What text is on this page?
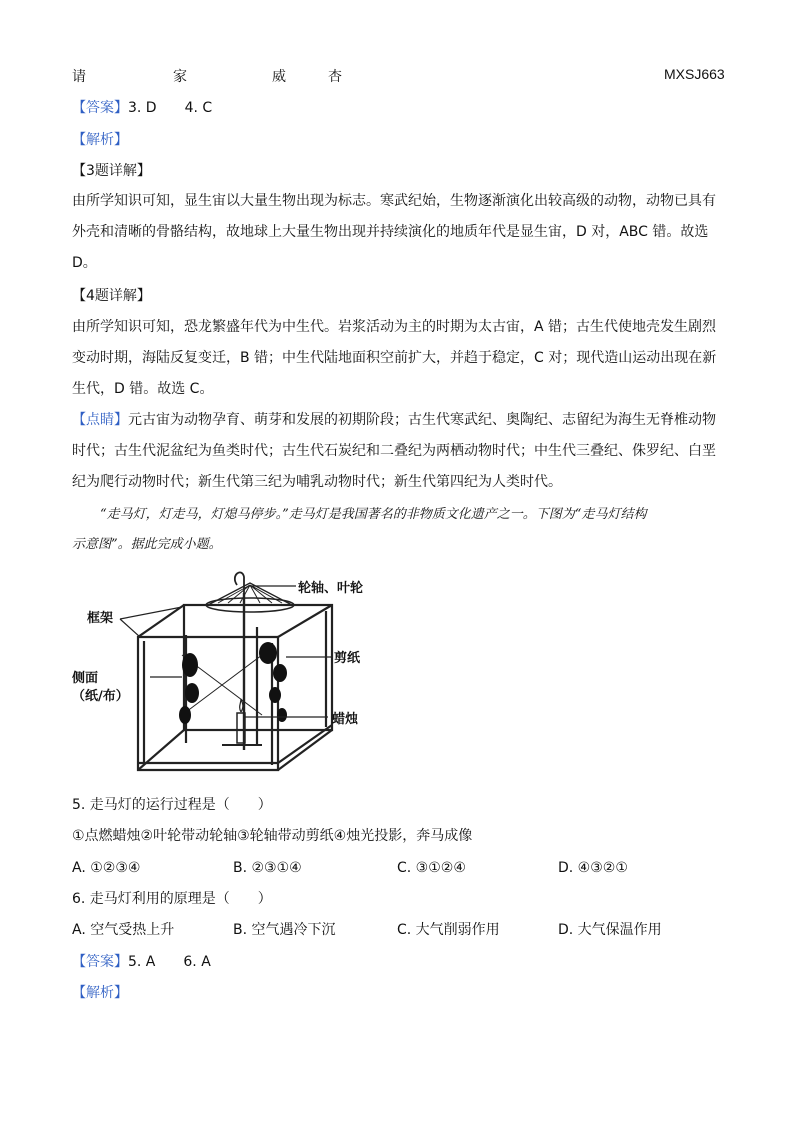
请	家	威	杏	MXSJ663
【答案】3. D　　4. C
【解析】
【3题详解】
由所学知识可知，显生宙以大量生物出现为标志。寒武纪始，生物逐渐演化出较高级的动物，动物已具有
外壳和清晰的骨骼结构，故地球上大量生物出现并持续演化的地质年代是显生宙，D 对，ABC 错。故选
D。
【4题详解】
由所学知识可知，恐龙繁盛年代为中生代。岩浆活动为主的时期为太古宙，A 错；古生代使地壳发生剧烈
变动时期，海陆反复变迁，B 错；中生代陆地面积空前扩大，并趋于稳定，C 对；现代造山运动出现在新
生代，D 错。故选 C。
【点睛】元古宙为动物孕育、萌芽和发展的初期阶段；古生代寒武纪、奥陶纪、志留纪为海生无脊椎动物
时代；古生代泥盆纪为鱼类时代；古生代石炭纪和二叠纪为两栖动物时代；中生代三叠纪、侏罗纪、白垩
纪为爬行动物时代；新生代第三纪为哺乳动物时代；新生代第四纪为人类时代。
“走马灯，灯走马，灯熄马停步。”走马灯是我国著名的非物质文化遗产之一。下图为“走马灯结构
示意图”。据此完成小题。
轮轴、叶轮
框架
侧面
（纸/布）
剪纸
蜡烛
5. 走马灯的运行过程是（　　）
①点燃蜡烛②叶轮带动轮轴③轮轴带动剪纸④烛光投影，奔马成像
A. ①②③④	B. ②③①④	C. ③①②④	D. ④③②①
6. 走马灯利用的原理是（　　）
A. 空气受热上升	B. 空气遇冷下沉	C. 大气削弱作用	D. 大气保温作用
【答案】5. A　　6. A
【解析】
